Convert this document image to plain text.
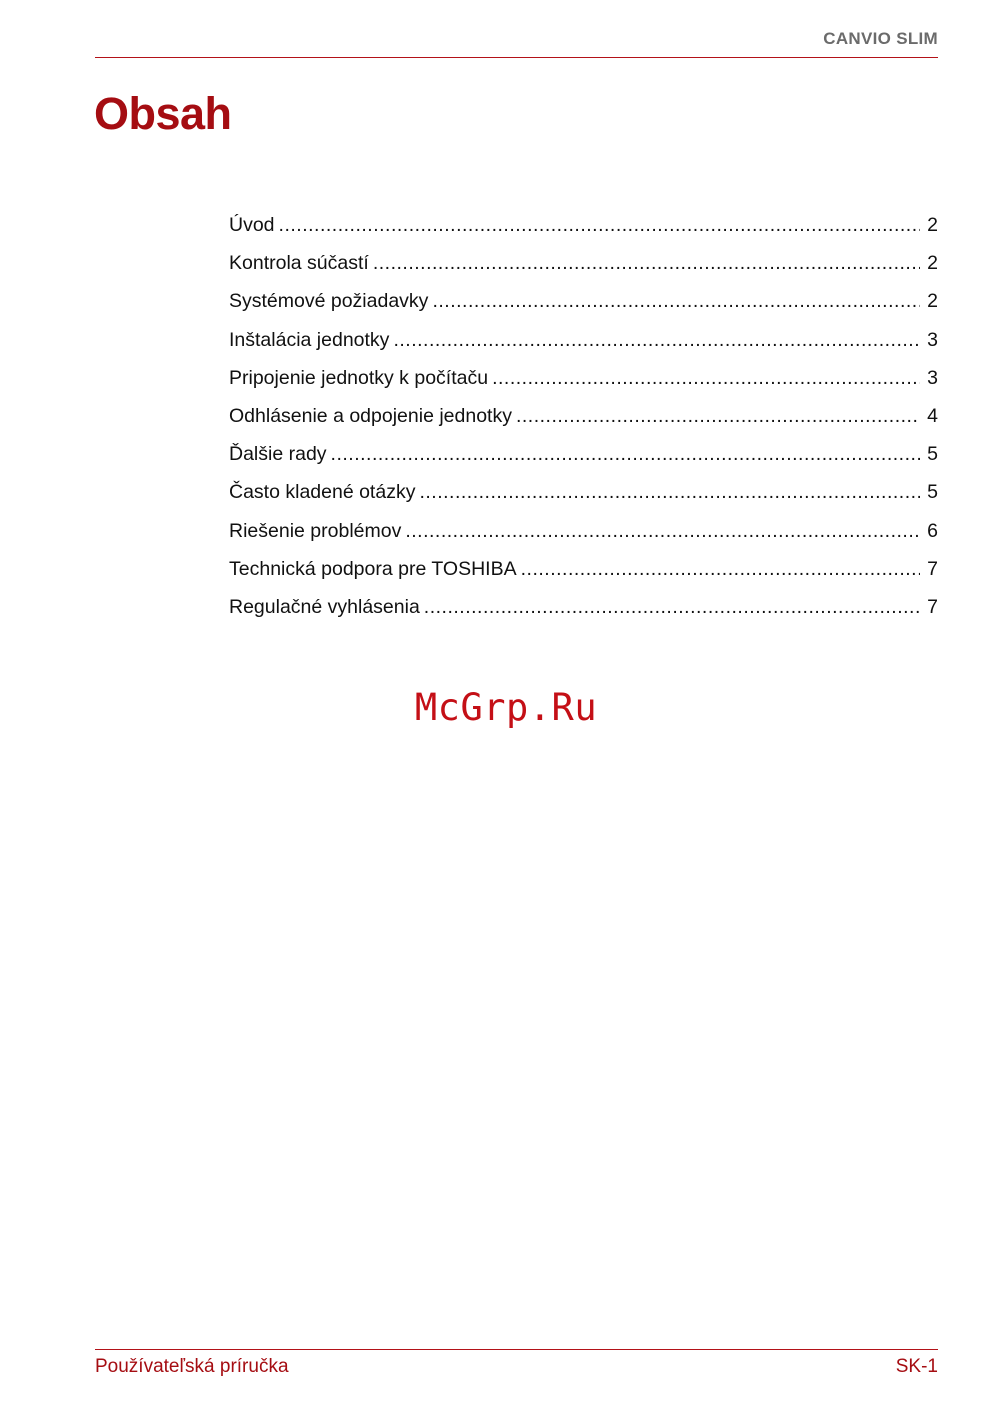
CANVIO SLIM
Obsah
Úvod .....	2
Kontrola súčastí .....	2
Systémové požiadavky .....	2
Inštalácia jednotky .....	3
Pripojenie jednotky k počítaču .....	3
Odhlásenie a odpojenie jednotky .....	4
Ďalšie rady .....	5
Často kladené otázky .....	5
Riešenie problémov .....	6
Technická podpora pre TOSHIBA .....	7
Regulačné vyhlásenia .....	7
McGrp.Ru
Používateľská príručka	SK-1
